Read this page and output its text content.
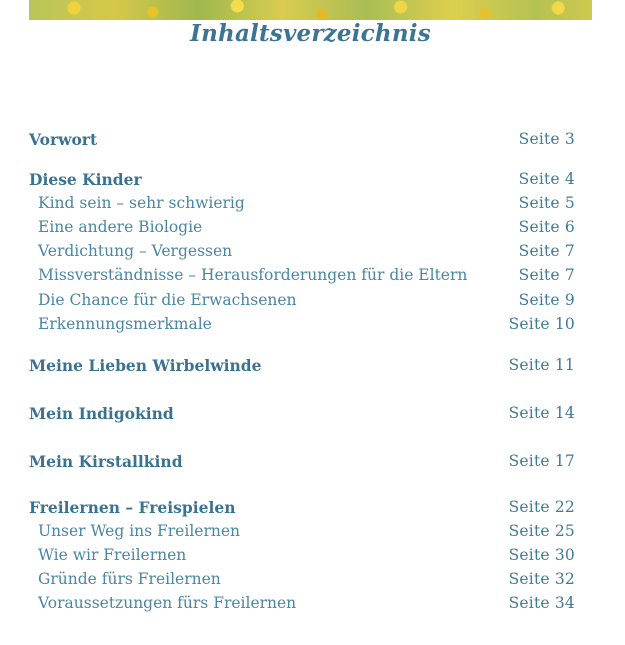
Inhaltsverzeichnis
Vorwort	Seite 3
Diese Kinder	Seite 4
Kind sein – sehr schwierig	Seite 5
Eine andere Biologie	Seite 6
Verdichtung – Vergessen	Seite 7
Missverständnisse – Herausforderungen für die Eltern	Seite 7
Die Chance für die Erwachsenen	Seite 9
Erkennungsmerkmale	Seite 10
Meine Lieben Wirbelwinde	Seite 11
Mein Indigokind	Seite 14
Mein Kirstallkind	Seite 17
Freilernen – Freispielen	Seite 22
Unser Weg ins Freilernen	Seite 25
Wie wir Freilernen	Seite 30
Gründe fürs Freilernen	Seite 32
Voraussetzungen fürs Freilernen	Seite 34
